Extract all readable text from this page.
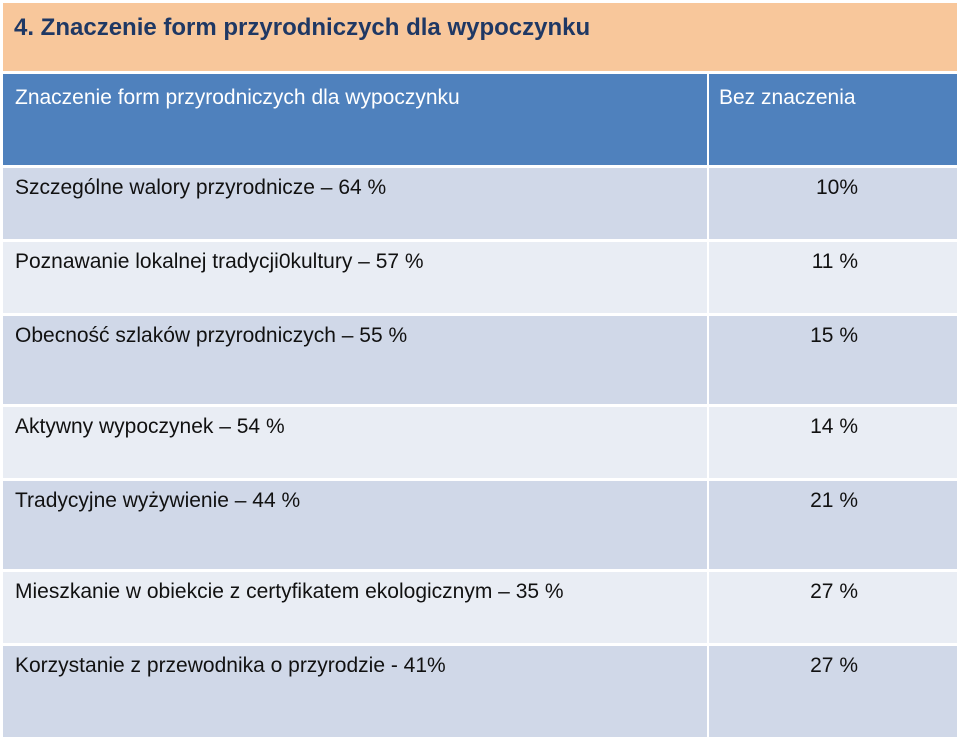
4. Znaczenie form przyrodniczych dla wypoczynku
Znaczenie form przyrodniczych dla wypoczynku	Bez znaczenia
Szczególne walory przyrodnicze – 64 %	10%
Poznawanie lokalnej tradycji0kultury – 57 %	11 %
Obecność szlaków przyrodniczych – 55 %	15 %
Aktywny wypoczynek – 54 %	14 %
Tradycyjne wyżywienie – 44 %	21 %
Mieszkanie w obiekcie z certyfikatem ekologicznym – 35 %	27 %
Korzystanie z przewodnika o przyrodzie - 41%	27 %
